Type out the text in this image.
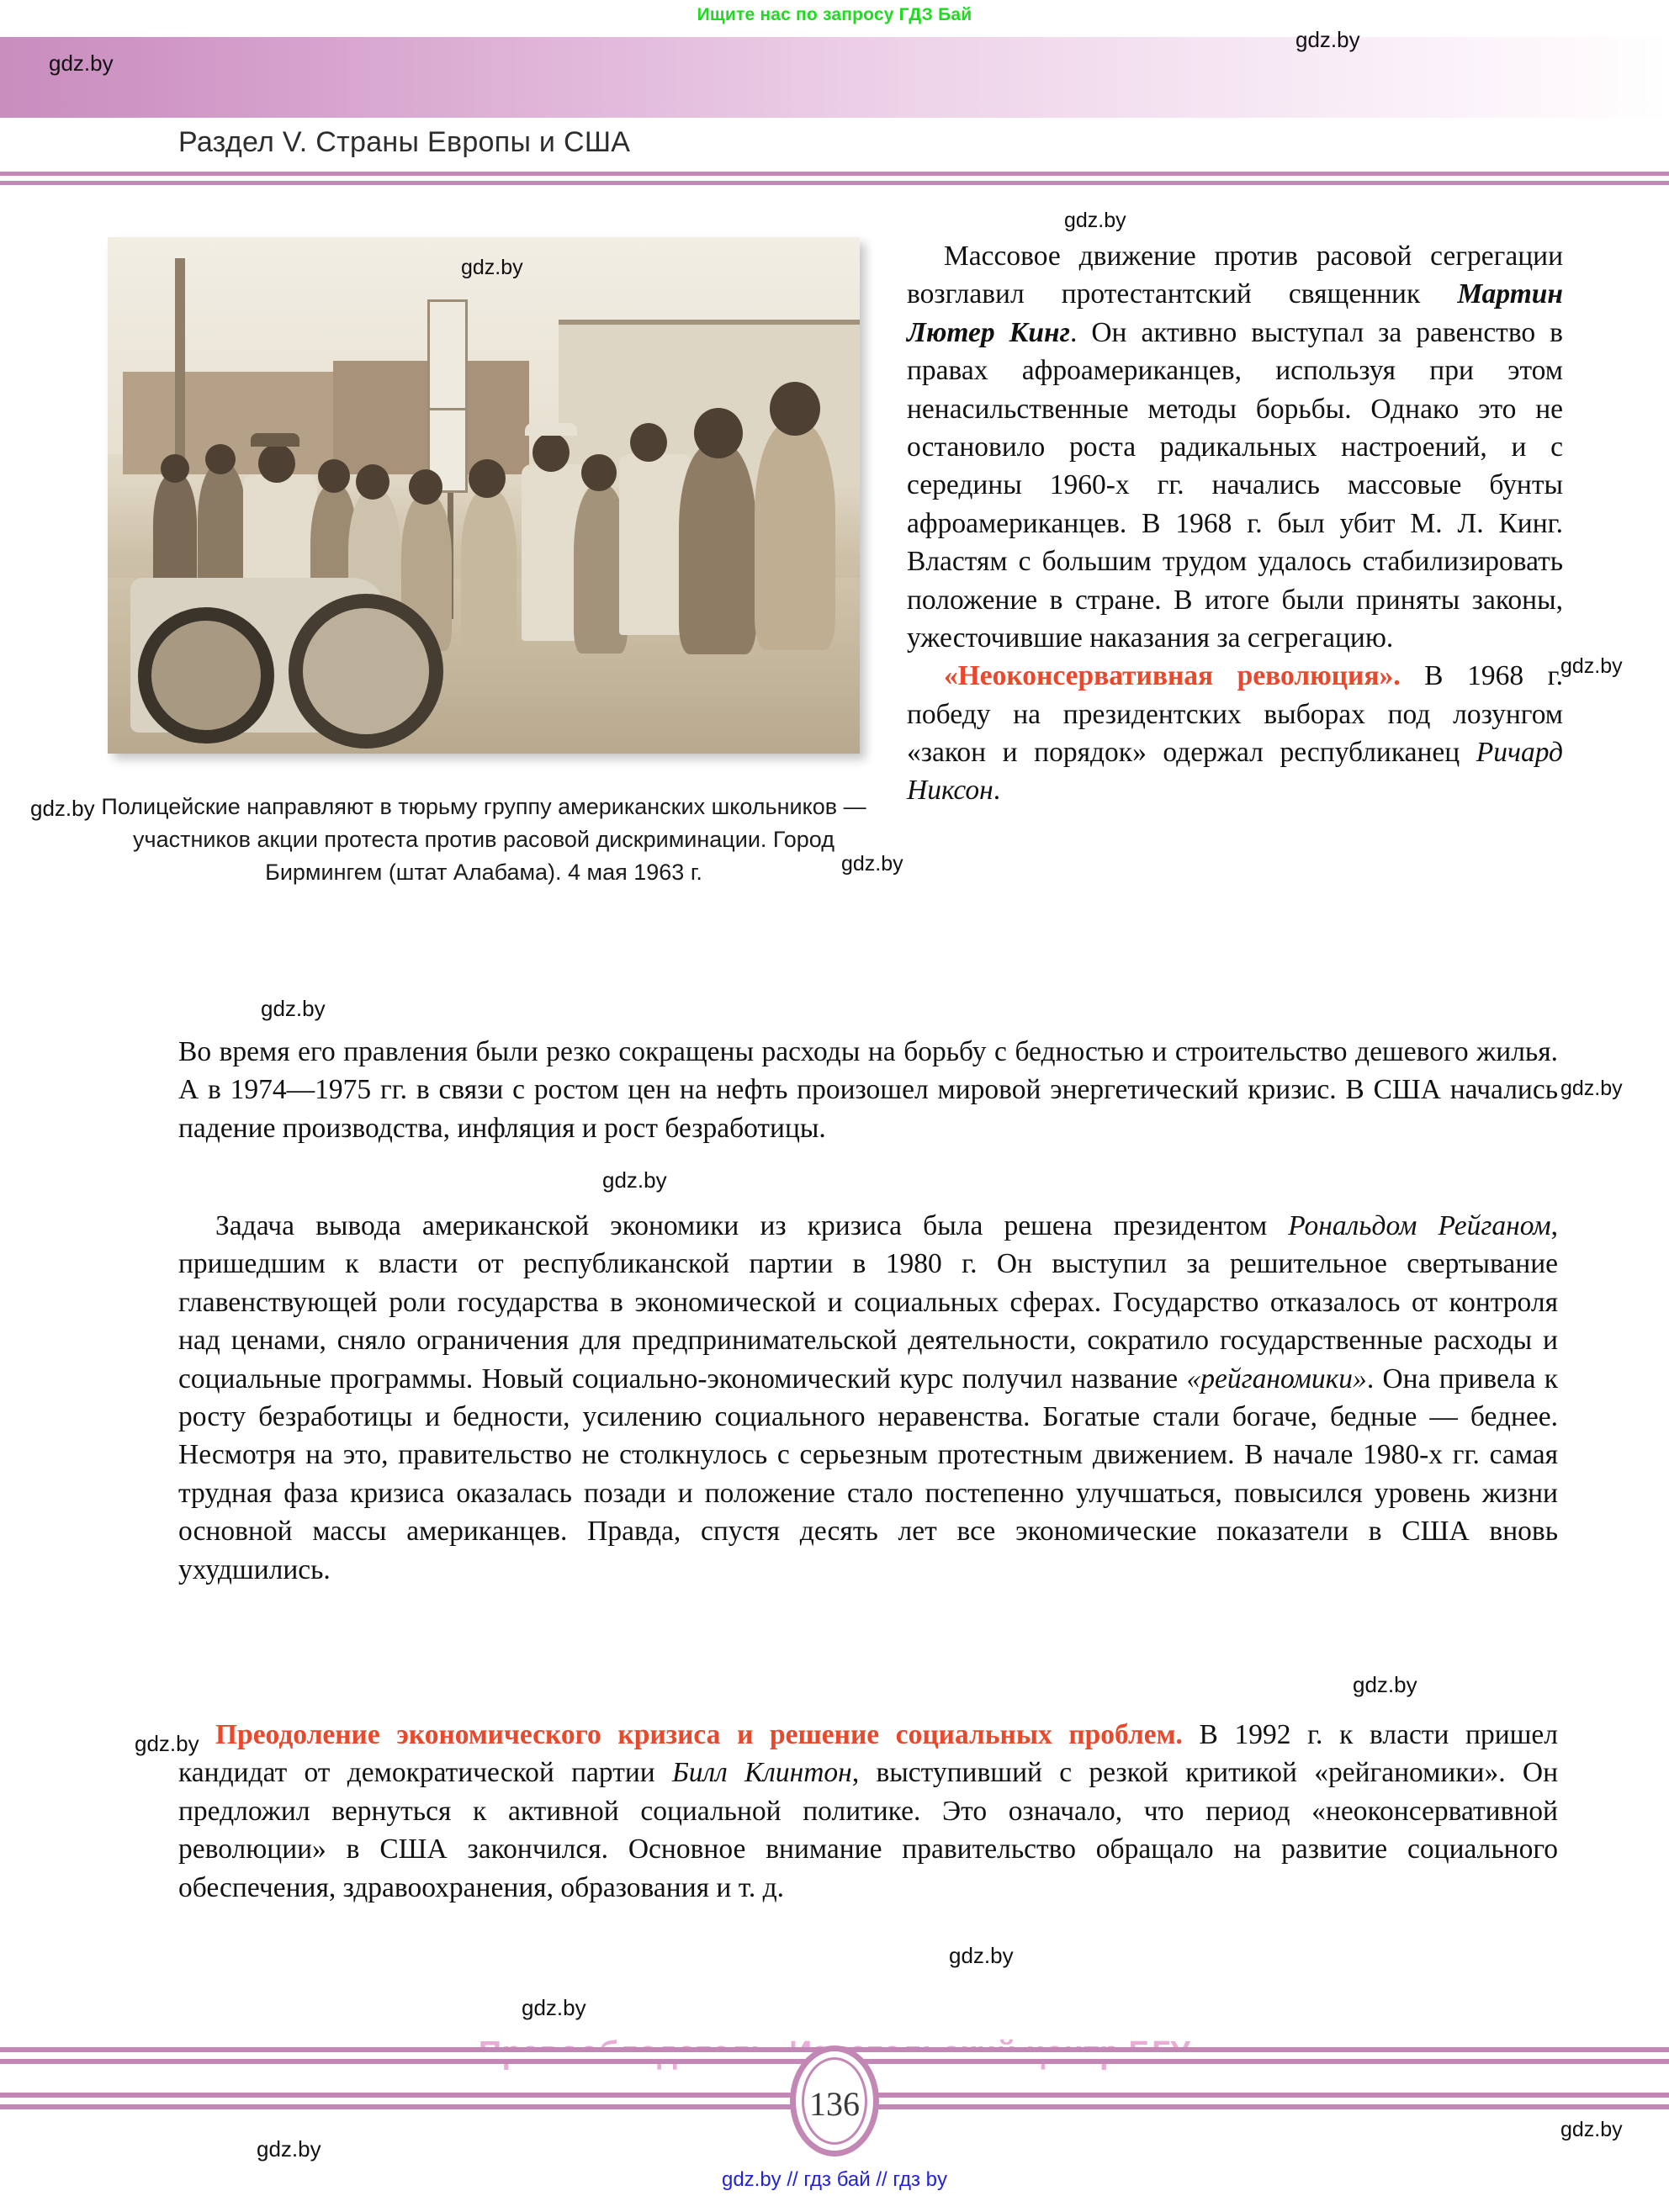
Ищите нас по запросу ГДЗ Бай
Раздел V. Страны Европы и США
gdz.by
Полицейские направляют в тюрьму группу американских школьников — участников акции протеста против расовой дискриминации. Город Бирмингем (штат Алабама). 4 мая 1963 г.

Массовое движение против расовой сегрегации возглавил протестантский священник Мартин Лютер Кинг. Он активно выступал за равенство в правах афроамериканцев, используя при этом ненасильственные методы борьбы. Однако это не остановило роста радикальных настроений, и с середины 1960-х гг. начались массовые бунты афроамериканцев. В 1968 г. был убит М. Л. Кинг. Властям с большим трудом удалось стабилизировать положение в стране. В итоге были приняты законы, ужесточившие наказания за сегрегацию.

«Неоконсервативная революция». В 1968 г. победу на президентских выборах под лозунгом «закон и порядок» одержал республиканец Ричард Никсон.

Во время его правления были резко сокращены расходы на борьбу с бедностью и строительство дешевого жилья. А в 1974—1975 гг. в связи с ростом цен на нефть произошел мировой энергетический кризис. В США начались падение производства, инфляция и рост безработицы.

Задача вывода американской экономики из кризиса была решена президентом Рональдом Рейганом, пришедшим к власти от республиканской партии в 1980 г. Он выступил за решительное свертывание главенствующей роли государства в экономической и социальных сферах. Государство отказалось от контроля над ценами, сняло ограничения для предпринимательской деятельности, сократило государственные расходы и социальные программы. Новый социально-экономический курс получил название «рейганомики». Она привела к росту безработицы и бедности, усилению социального неравенства. Богатые стали богаче, бедные — беднее. Несмотря на это, правительство не столкнулось с серьезным протестным движением. В начале 1980-х гг. самая трудная фаза кризиса оказалась позади и положение стало постепенно улучшаться, повысился уровень жизни основной массы американцев. Правда, спустя десять лет все экономические показатели в США вновь ухудшились.

Преодоление экономического кризиса и решение социальных проблем. В 1992 г. к власти пришел кандидат от демократической партии Билл Клинтон, выступивший с резкой критикой «рейганомики». Он предложил вернуться к активной социальной политике. Это означало, что период «неоконсервативной революции» в США закончился. Основное внимание правительство обращало на развитие социального обеспечения, здравоохранения, образования и т. д.

136
gdz.by // гдз бай // гдз by
gdz.by
gdz.by
gdz.by
gdz.by
gdz.by
gdz.by
gdz.by
gdz.by
gdz.by
gdz.by
gdz.by
gdz.by
gdz.by
gdz.by
gdz.by
